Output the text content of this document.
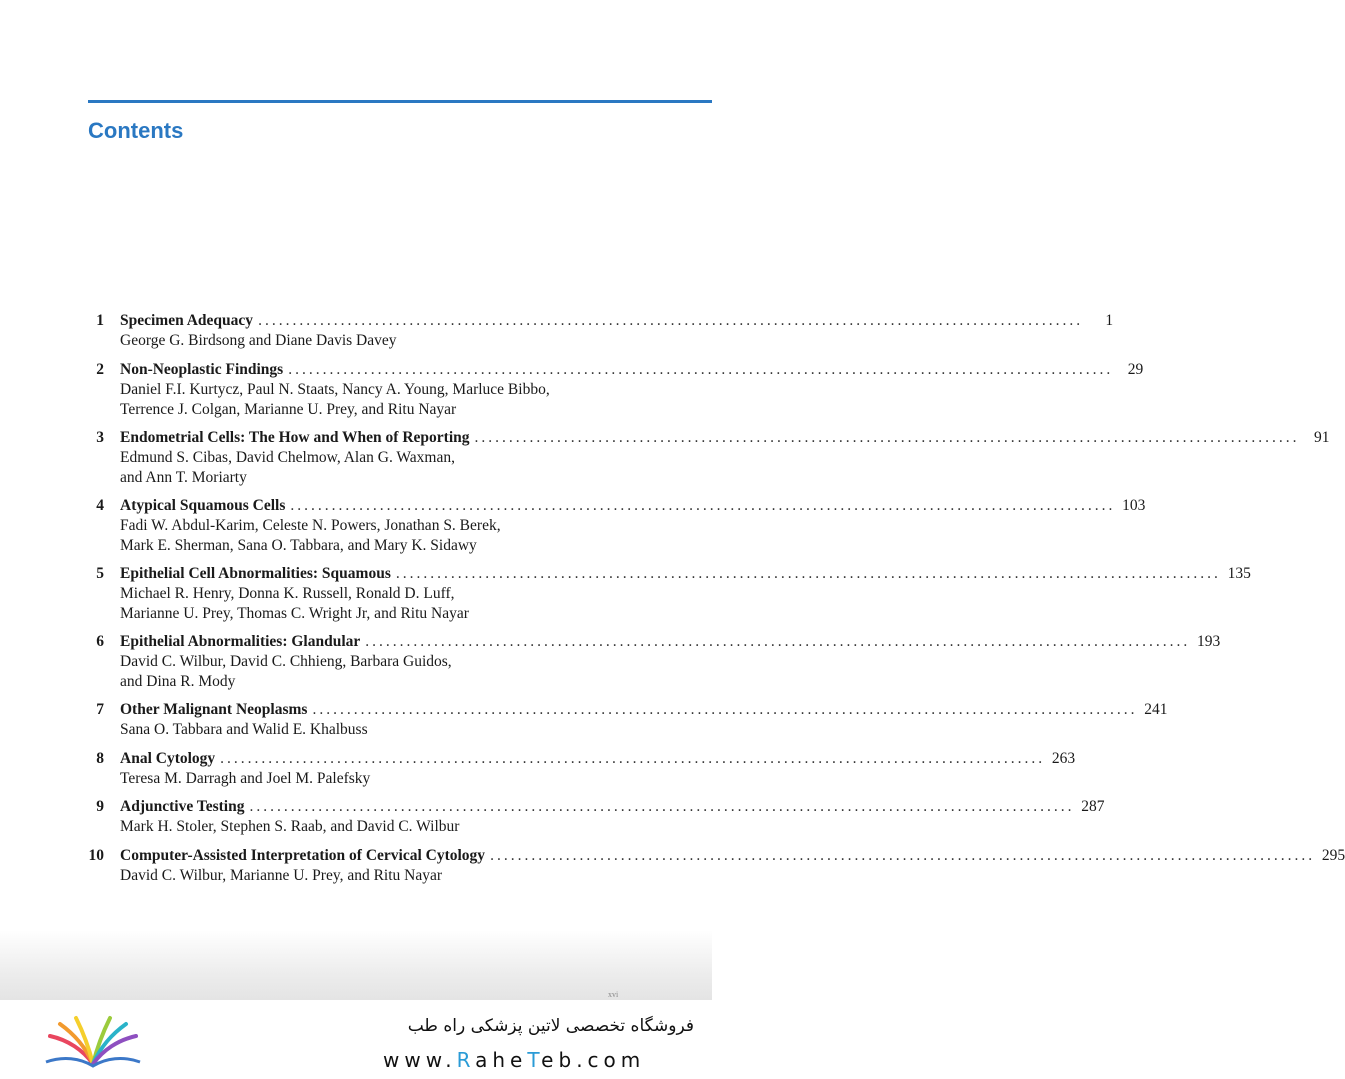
Contents
1 Specimen Adequacy ........................................................................................................................	1
George G. Birdsong and Diane Davis Davey
2 Non-Neoplastic Findings ........................................................................................................................ 29
Daniel F.I. Kurtycz, Paul N. Staats, Nancy A. Young, Marluce Bibbo,
Terrence J. Colgan, Marianne U. Prey, and Ritu Nayar
3 Endometrial Cells: The How and When of Reporting ........................................................................................................................ 91
Edmund S. Cibas, David Chelmow, Alan G. Waxman,
and Ann T. Moriarty
4 Atypical Squamous Cells ........................................................................................................................ 103
Fadi W. Abdul-Karim, Celeste N. Powers, Jonathan S. Berek,
Mark E. Sherman, Sana O. Tabbara, and Mary K. Sidawy
5 Epithelial Cell Abnormalities: Squamous ........................................................................................................................ 135
Michael R. Henry, Donna K. Russell, Ronald D. Luff,
Marianne U. Prey, Thomas C. Wright Jr, and Ritu Nayar
6 Epithelial Abnormalities: Glandular ........................................................................................................................ 193
David C. Wilbur, David C. Chhieng, Barbara Guidos,
and Dina R. Mody
7 Other Malignant Neoplasms ........................................................................................................................ 241
Sana O. Tabbara and Walid E. Khalbuss
8 Anal Cytology ........................................................................................................................ 263
Teresa M. Darragh and Joel M. Palefsky
9 Adjunctive Testing ........................................................................................................................ 287
Mark H. Stoler, Stephen S. Raab, and David C. Wilbur
10 Computer-Assisted Interpretation of Cervical Cytology ........................................................................................................................ 295
David C. Wilbur, Marianne U. Prey, and Ritu Nayar
xvi
فروشگاه تخصصی لاتین پزشکی راه طب
www.RaheTeb.com
